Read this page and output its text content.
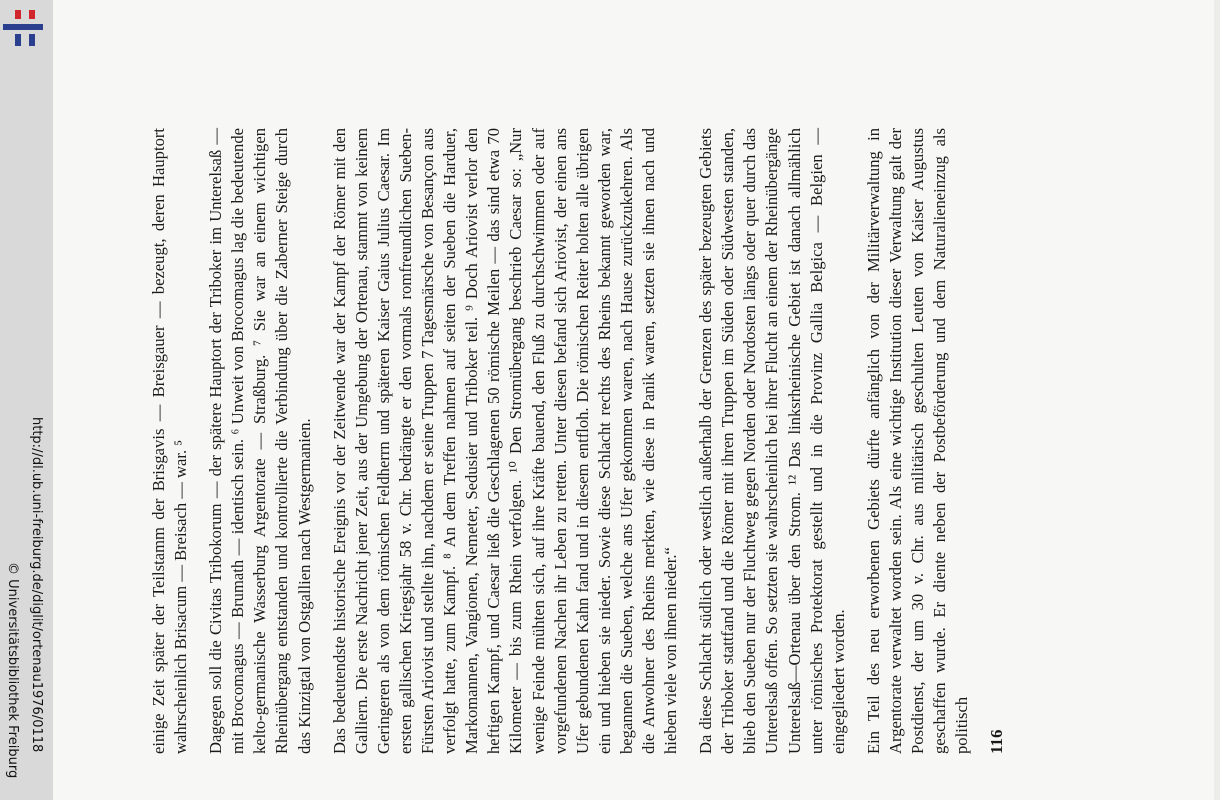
http://dl.ub.uni-freiburg.de/diglit/ortenau1976/0118
© Universitätsbibliothek Freiburg	einige Zeit später der Teilstamm der Brisgavis — Breisgauer — bezeugt, deren Hauptort wahrscheinlich Brisacum — Breisach — war. ⁵ Dagegen soll die Civitas Tribokorum — der spätere Hauptort der Triboker im Unterelsaß — mit Brocomagus — Brumath — identisch sein. ⁶ Unweit von Brocomagus lag die bedeutende kelto-germanische Wasserburg Argentorate — Straßburg. ⁷ Sie war an einem wichtigen Rheinübergang entstanden und kontrollierte die Verbindung über die Zaberner Steige durch das Kinzigtal von Ostgallien nach Westgermanien. Das bedeutendste historische Ereignis vor der Zeitwende war der Kampf der Römer mit den Galliern. Die erste Nachricht jener Zeit, aus der Umgebung der Ortenau, stammt von keinem Geringeren als von dem römischen Feldherrn und späteren Kaiser Gaius Julius Caesar. Im ersten gallischen Kriegsjahr 58 v. Chr. bedrängte er den vormals romfreundlichen Sueben-Fürsten Ariovist und stellte ihn, nachdem er seine Truppen 7 Tagesmärsche von Besançon aus verfolgt hatte, zum Kampf. ⁸ An dem Treffen nahmen auf seiten der Sueben die Harduer, Markomannen, Vangionen, Nemeter, Sedusier und Triboker teil. ⁹ Doch Ariovist verlor den heftigen Kampf, und Caesar ließ die Geschlagenen 50 römische Meilen — das sind etwa 70 Kilometer — bis zum Rhein verfolgen. ¹⁰ Den Stromübergang beschrieb Caesar so: „Nur wenige Feinde mühten sich, auf ihre Kräfte bauend, den Fluß zu durchschwimmen oder auf vorgefundenen Nachen ihr Leben zu retten. Unter diesen befand sich Ariovist, der einen ans Ufer gebundenen Kahn fand und in diesem entfloh. Die römischen Reiter holten alle übrigen ein und hieben sie nieder. Sowie diese Schlacht rechts des Rheins bekannt geworden war, begannen die Sueben, welche ans Ufer gekommen waren, nach Hause zurückzukehren. Als die Anwohner des Rheins merkten, wie diese in Panik waren, setzten sie ihnen nach und hieben viele von ihnen nieder.“ Da diese Schlacht südlich oder westlich außerhalb der Grenzen des später bezeugten Gebiets der Triboker stattfand und die Römer mit ihren Truppen im Süden oder Südwesten standen, blieb den Sueben nur der Fluchtweg gegen Norden oder Nordosten längs oder quer durch das Unterelsaß offen. So setzten sie wahrscheinlich bei ihrer Flucht an einem der Rheinübergänge Unterelsaß—Ortenau über den Strom. ¹² Das linksrheinische Gebiet ist danach allmählich unter römisches Protektorat gestellt und in die Provinz Gallia Belgica — Belgien — eingegliedert worden. Ein Teil des neu erworbenen Gebiets dürfte anfänglich von der Militärverwaltung in Argentorate verwaltet worden sein. Als eine wichtige Institution dieser Verwaltung galt der Postdienst, der um 30 v. Chr. aus militärisch geschulten Leuten von Kaiser Augustus geschaffen wurde. Er diente neben der Postbeförderung und dem Naturalieneinzug als politisch 116
